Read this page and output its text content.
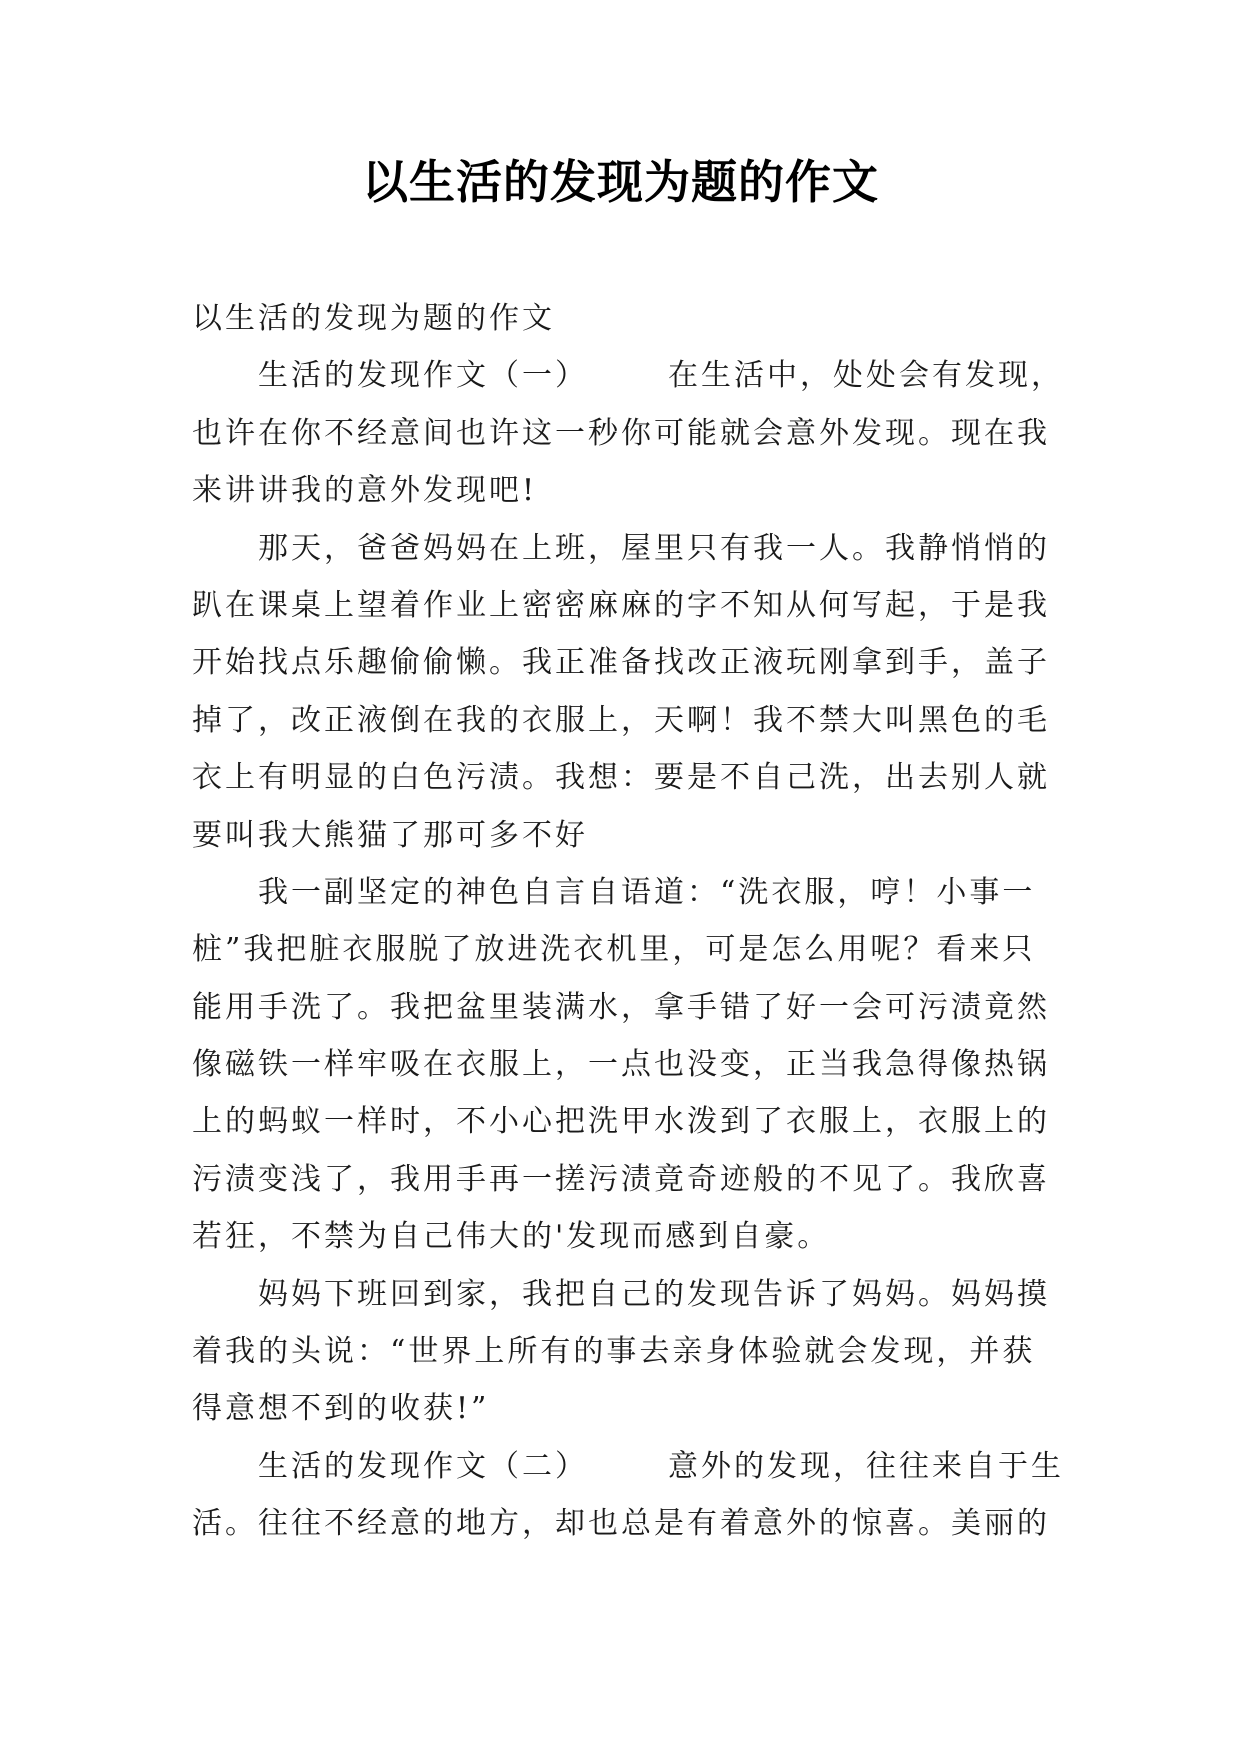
以生活的发现为题的作文
以生活的发现为题的作文
生活的发现作文（一）	在生活中，处处会有发现，
也许在你不经意间也许这一秒你可能就会意外发现。现在我
来讲讲我的意外发现吧!
那天，爸爸妈妈在上班，屋里只有我一人。我静悄悄的
趴在课桌上望着作业上密密麻麻的字不知从何写起，于是我
开始找点乐趣偷偷懒。我正准备找改正液玩刚拿到手，盖子
掉了，改正液倒在我的衣服上，天啊！我不禁大叫黑色的毛
衣上有明显的白色污渍。我想：要是不自己洗，出去别人就
要叫我大熊猫了那可多不好
我一副坚定的神色自言自语道：“洗衣服，哼！小事一
桩”我把脏衣服脱了放进洗衣机里，可是怎么用呢？看来只
能用手洗了。我把盆里装满水，拿手错了好一会可污渍竟然
像磁铁一样牢吸在衣服上，一点也没变，正当我急得像热锅
上的蚂蚁一样时，不小心把洗甲水泼到了衣服上，衣服上的
污渍变浅了，我用手再一搓污渍竟奇迹般的不见了。我欣喜
若狂，不禁为自己伟大的'发现而感到自豪。
妈妈下班回到家，我把自己的发现告诉了妈妈。妈妈摸
着我的头说：“世界上所有的事去亲身体验就会发现，并获
得意想不到的收获!”
生活的发现作文（二）	意外的发现，往往来自于生
活。往往不经意的地方，却也总是有着意外的惊喜。美丽的
